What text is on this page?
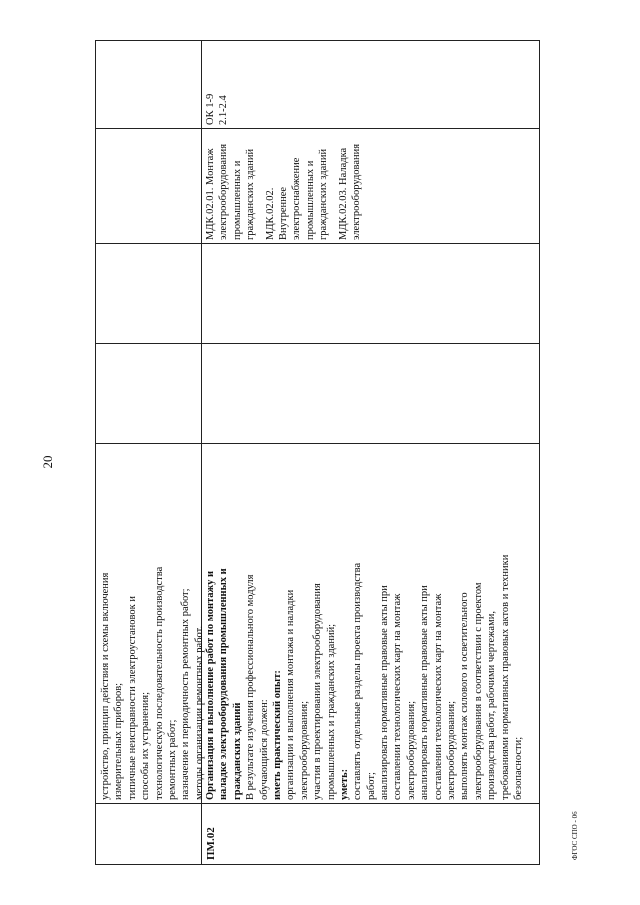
20
устройство, принцип действия и схемы включения измерительных приборов; типичные неисправности электроустановок и способы их устранения; технологическую последовательность производства ремонтных работ; назначение и периодичность ремонтных работ; методы организации ремонтных работ.
ПМ.02
Организация и выполнение работ по монтажу и наладке электрооборудования промышленных и гражданских зданий В результате изучения профессионального модуля обучающийся должен: иметь практический опыт: организации и выполнения монтажа и наладки электрооборудования; участия в проектировании электрооборудования промышленных и гражданских зданий; уметь: составлять отдельные разделы проекта производства работ; анализировать нормативные правовые акты при составлении технологических карт на монтаж электрооборудования; анализировать нормативные правовые акты при составлении технологических карт на монтаж электрооборудования; выполнять монтаж силового и осветительного электрооборудования в соответствии с проектом производства работ, рабочими чертежами, требованиями нормативных правовых актов и техники безопасности;
МДК.02.01. Монтаж электрооборудования промышленных и гражданских зданий МДК.02.02. Внутреннее электроснабжение промышленных и гражданских зданий МДК.02.03. Наладка электрооборудования
ОК 1-9 2.1-2.4
ФГОС СПО - 06
